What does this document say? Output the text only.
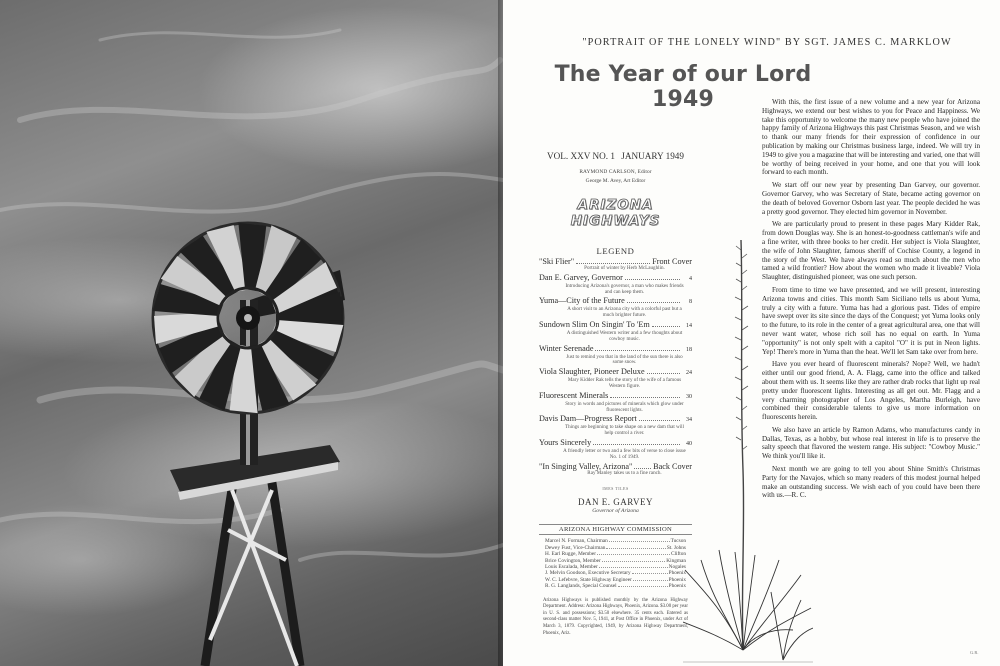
"PORTRAIT OF THE LONELY WIND" BY SGT. JAMES C. MARKLOW
The Year of our Lord 1949
VOL. XXV NO. 1 JANUARY 1949
RAYMOND CARLSON, Editor
George M. Avey, Art Editor
ARIZONA HIGHWAYS
LEGEND
"Ski Flier"	Front Cover
Portrait of winter by Herb McLaughlin.
Dan E. Garvey, Governor	4
Introducing Arizona's governor, a man who makes friends and can keep them.
Yuma—City of the Future	8
A short visit to an Arizona city with a colorful past but a much brighter future.
Sundown Slim On Singin' To 'Em	14
A distinguished Western writer and a few thoughts about cowboy music.
Winter Serenade	18
Just to remind you that in the land of the sun there is also some snow.
Viola Slaughter, Pioneer Deluxe	24
Mary Kidder Rak tells the story of the wife of a famous Western figure.
Fluorescent Minerals	30
Story in words and pictures of minerals which glow under fluorescent lights.
Davis Dam—Progress Report	34
Things are beginning to take shape on a new dam that will help control a river.
Yours Sincerely	40
A friendly letter or two and a few bits of verse to close issue No. 1 of 1949.
"In Singing Valley, Arizona"	Back Cover
Ray Manley takes us to a fine ranch.
IMES TILES
DAN E. GARVEY
Governor of Arizona
ARIZONA HIGHWAY COMMISSION
Marcel N. Forman, Chairman	Tucson
Dewey Fust, Vice-Chairman	St. Johns
H. Earl Rugge, Member	Clifton
Brice Covington, Member	Kingman
Louis Escalada, Member	Nogales
J. Melvin Goodson, Executive Secretary	Phoenix
W. C. Lefebvre, State Highway Engineer	Phoenix
R. G. Langlands, Special Counsel	Phoenix

Arizona Highways is published monthly by the Arizona Highway Department. Address: Arizona Highways, Phoenix, Arizona. $3.00 per year in U. S. and possessions; $3.50 elsewhere. 35 cents each. Entered as second-class matter Nov. 5, 1941, at Post Office in Phoenix, under Act of March 3, 1879. Copyrighted, 1949, by Arizona Highway Department, Phoenix, Ariz.

G.R.

With this, the first issue of a new volume and a new year for Arizona Highways, we extend our best wishes to you for Peace and Happiness. We take this opportunity to welcome the many new people who have joined the happy family of Arizona Highways this past Christmas Season, and we wish to thank our many friends for their expression of confidence in our publication by making our Christmas business large, indeed. We will try in 1949 to give you a magazine that will be interesting and varied, one that will be worthy of being received in your home, and one that you will look forward to each month.

We start off our new year by presenting Dan Garvey, our governor. Governor Garvey, who was Secretary of State, became acting governor on the death of beloved Governor Osborn last year. The people decided he was a pretty good governor. They elected him governor in November.

We are particularly proud to present in these pages Mary Kidder Rak, from down Douglas way. She is an honest-to-goodness cattleman's wife and a fine writer, with three books to her credit. Her subject is Viola Slaughter, the wife of John Slaughter, famous sheriff of Cochise County, a legend in the story of the West. We have always read so much about the men who tamed a wild frontier? How about the women who made it liveable? Viola Slaughter, distinguished pioneer, was one such person.

From time to time we have presented, and we will present, interesting Arizona towns and cities. This month Sam Siciliano tells us about Yuma, truly a city with a future. Yuma has had a glorious past. Tides of empire have swept over its site since the days of the Conquest; yet Yuma looks only to the future, to its role in the center of a great agricultural area, one that will never want water, whose rich soil has no equal on earth. In Yuma "opportunity" is not only spelt with a capitol "O" it is put in Neon lights. Yep! There's more in Yuma than the heat. We'll let Sam take over from here.

Have you ever heard of fluorescent minerals? Nope? Well, we hadn't either until our good friend, A. A. Flagg, came into the office and talked about them with us. It seems like they are rather drab rocks that light up real pretty under fluorescent lights. Interesting as all get out. Mr. Flagg and a very charming photographer of Los Angeles, Martha Burleigh, have combined their considerable talents to give us more information on fluorescents herein.

We also have an article by Ramon Adams, who manufactures candy in Dallas, Texas, as a hobby, but whose real interest in life is to preserve the salty speech that flavored the western range. His subject: "Cowboy Music." We think you'll like it.

Next month we are going to tell you about Shine Smith's Christmas Party for the Navajos, which so many readers of this modest journal helped make an outstanding success. We wish each of you could have been there with us.—R. C.
